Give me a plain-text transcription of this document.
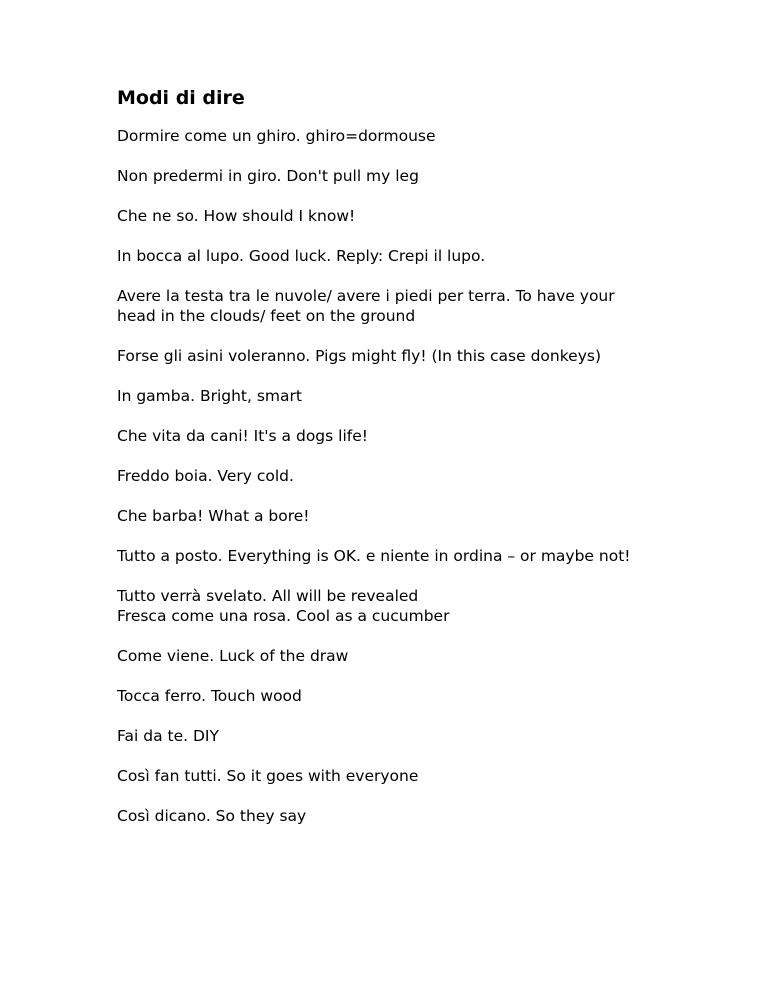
Modi di dire

Dormire come un ghiro. ghiro=dormouse

Non predermi in giro. Don't pull my leg

Che ne so. How should I know!

In bocca al lupo. Good luck. Reply: Crepi il lupo.

Avere la testa tra le nuvole/ avere i piedi per terra. To have your head in the clouds/ feet on the ground

Forse gli asini voleranno. Pigs might fly! (In this case donkeys)

In gamba. Bright, smart

Che vita da cani! It's a dogs life!

Freddo boia. Very cold.

Che barba! What a bore!

Tutto a posto. Everything is OK. e niente in ordina – or maybe not!

Tutto verrà svelato. All will be revealed
Fresca come una rosa. Cool as a cucumber

Come viene. Luck of the draw

Tocca ferro. Touch wood

Fai da te. DIY

Così fan tutti. So it goes with everyone

Così dicano. So they say
